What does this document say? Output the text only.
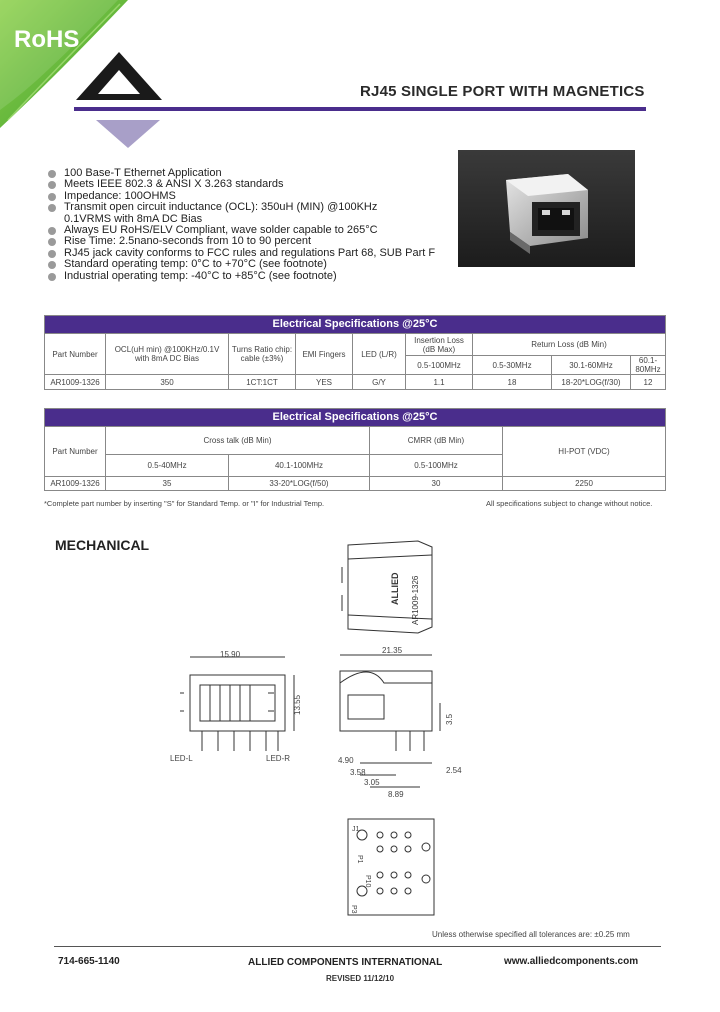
RoHS
RJ45 SINGLE PORT WITH MAGNETICS
100 Base-T Ethernet Application
Meets IEEE 802.3 & ANSI X 3.263 standards
Impedance: 100OHMS
Transmit open circuit inductance (OCL): 350uH (MIN) @100KHz
0.1VRMS with 8mA DC Bias
Always EU RoHS/ELV Compliant, wave solder capable to 265°C
Rise Time: 2.5nano-seconds from 10 to 90 percent
RJ45 jack cavity conforms to FCC rules and regulations Part 68, SUB Part F
Standard operating temp: 0°C to +70°C (see footnote)
Industrial operating temp: -40°C to +85°C (see footnote)
Electrical Specifications @25°C								
Part Number	OCL(uH min) @100KHz/0.1V with 8mA DC Bias	Turns Ratio chip: cable (±3%)	EMI Fingers	LED (L/R)	Insertion Loss (dB Max)	Return Loss (dB Min)		
					0.5-100MHz	0.5-30MHz	30.1-60MHz	60.1-80MHz
AR1009-1326	350	1CT:1CT	YES	G/Y	1.1	18	18-20*LOG(f/30)	12
Electrical Specifications @25°C				
Part Number	Cross talk (dB Min)		CMRR (dB Min)	HI-POT (VDC)
	0.5-40MHz	40.1-100MHz	0.5-100MHz	
AR1009-1326	35	33-20*LOG(f/50)	30	2250
*Complete part number by inserting "S" for Standard Temp. or "I" for Industrial Temp.	All specifications subject to change without notice.
MECHANICAL
ALLIED AR1009-1326
15.90
13.55
21.35
3.5
4.90
3.58
3.05
2.54
8.89
LED-L	LED-R
J1
P1
P10
P3
Unless otherwise specified all tolerances are: ±0.25 mm
714-665-1140	ALLIED COMPONENTS INTERNATIONAL	www.alliedcomponents.com
REVISED 11/12/10
